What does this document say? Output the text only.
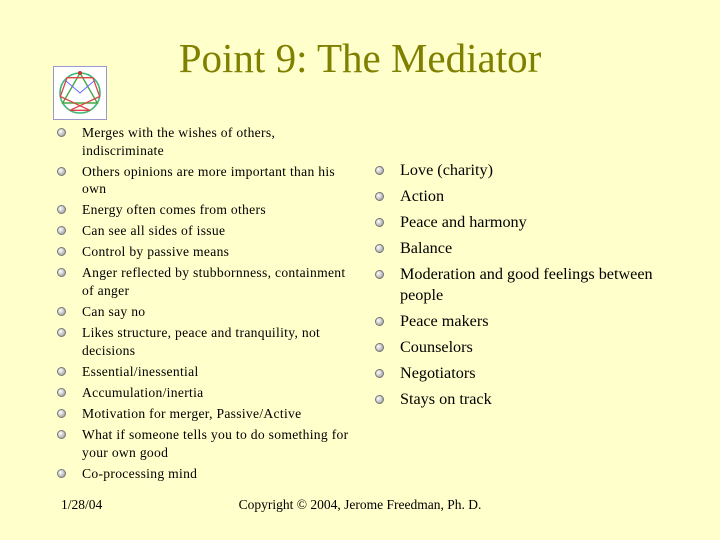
Point 9: The Mediator
Merges with the wishes of others, indiscriminate
Others opinions are more important than his own
Energy often comes from others
Can see all sides of issue
Control by passive means
Anger reflected by stubbornness, containment of anger
Can say no
Likes structure, peace and tranquility, not decisions
Essential/inessential
Accumulation/inertia
Motivation for merger, Passive/Active
What if someone tells you to do something for your own good
Co-processing mind
Love (charity)
Action
Peace and harmony
Balance
Moderation and good feelings between people
Peace makers
Counselors
Negotiators
Stays on track
1/28/04	Copyright © 2004, Jerome Freedman, Ph. D.
